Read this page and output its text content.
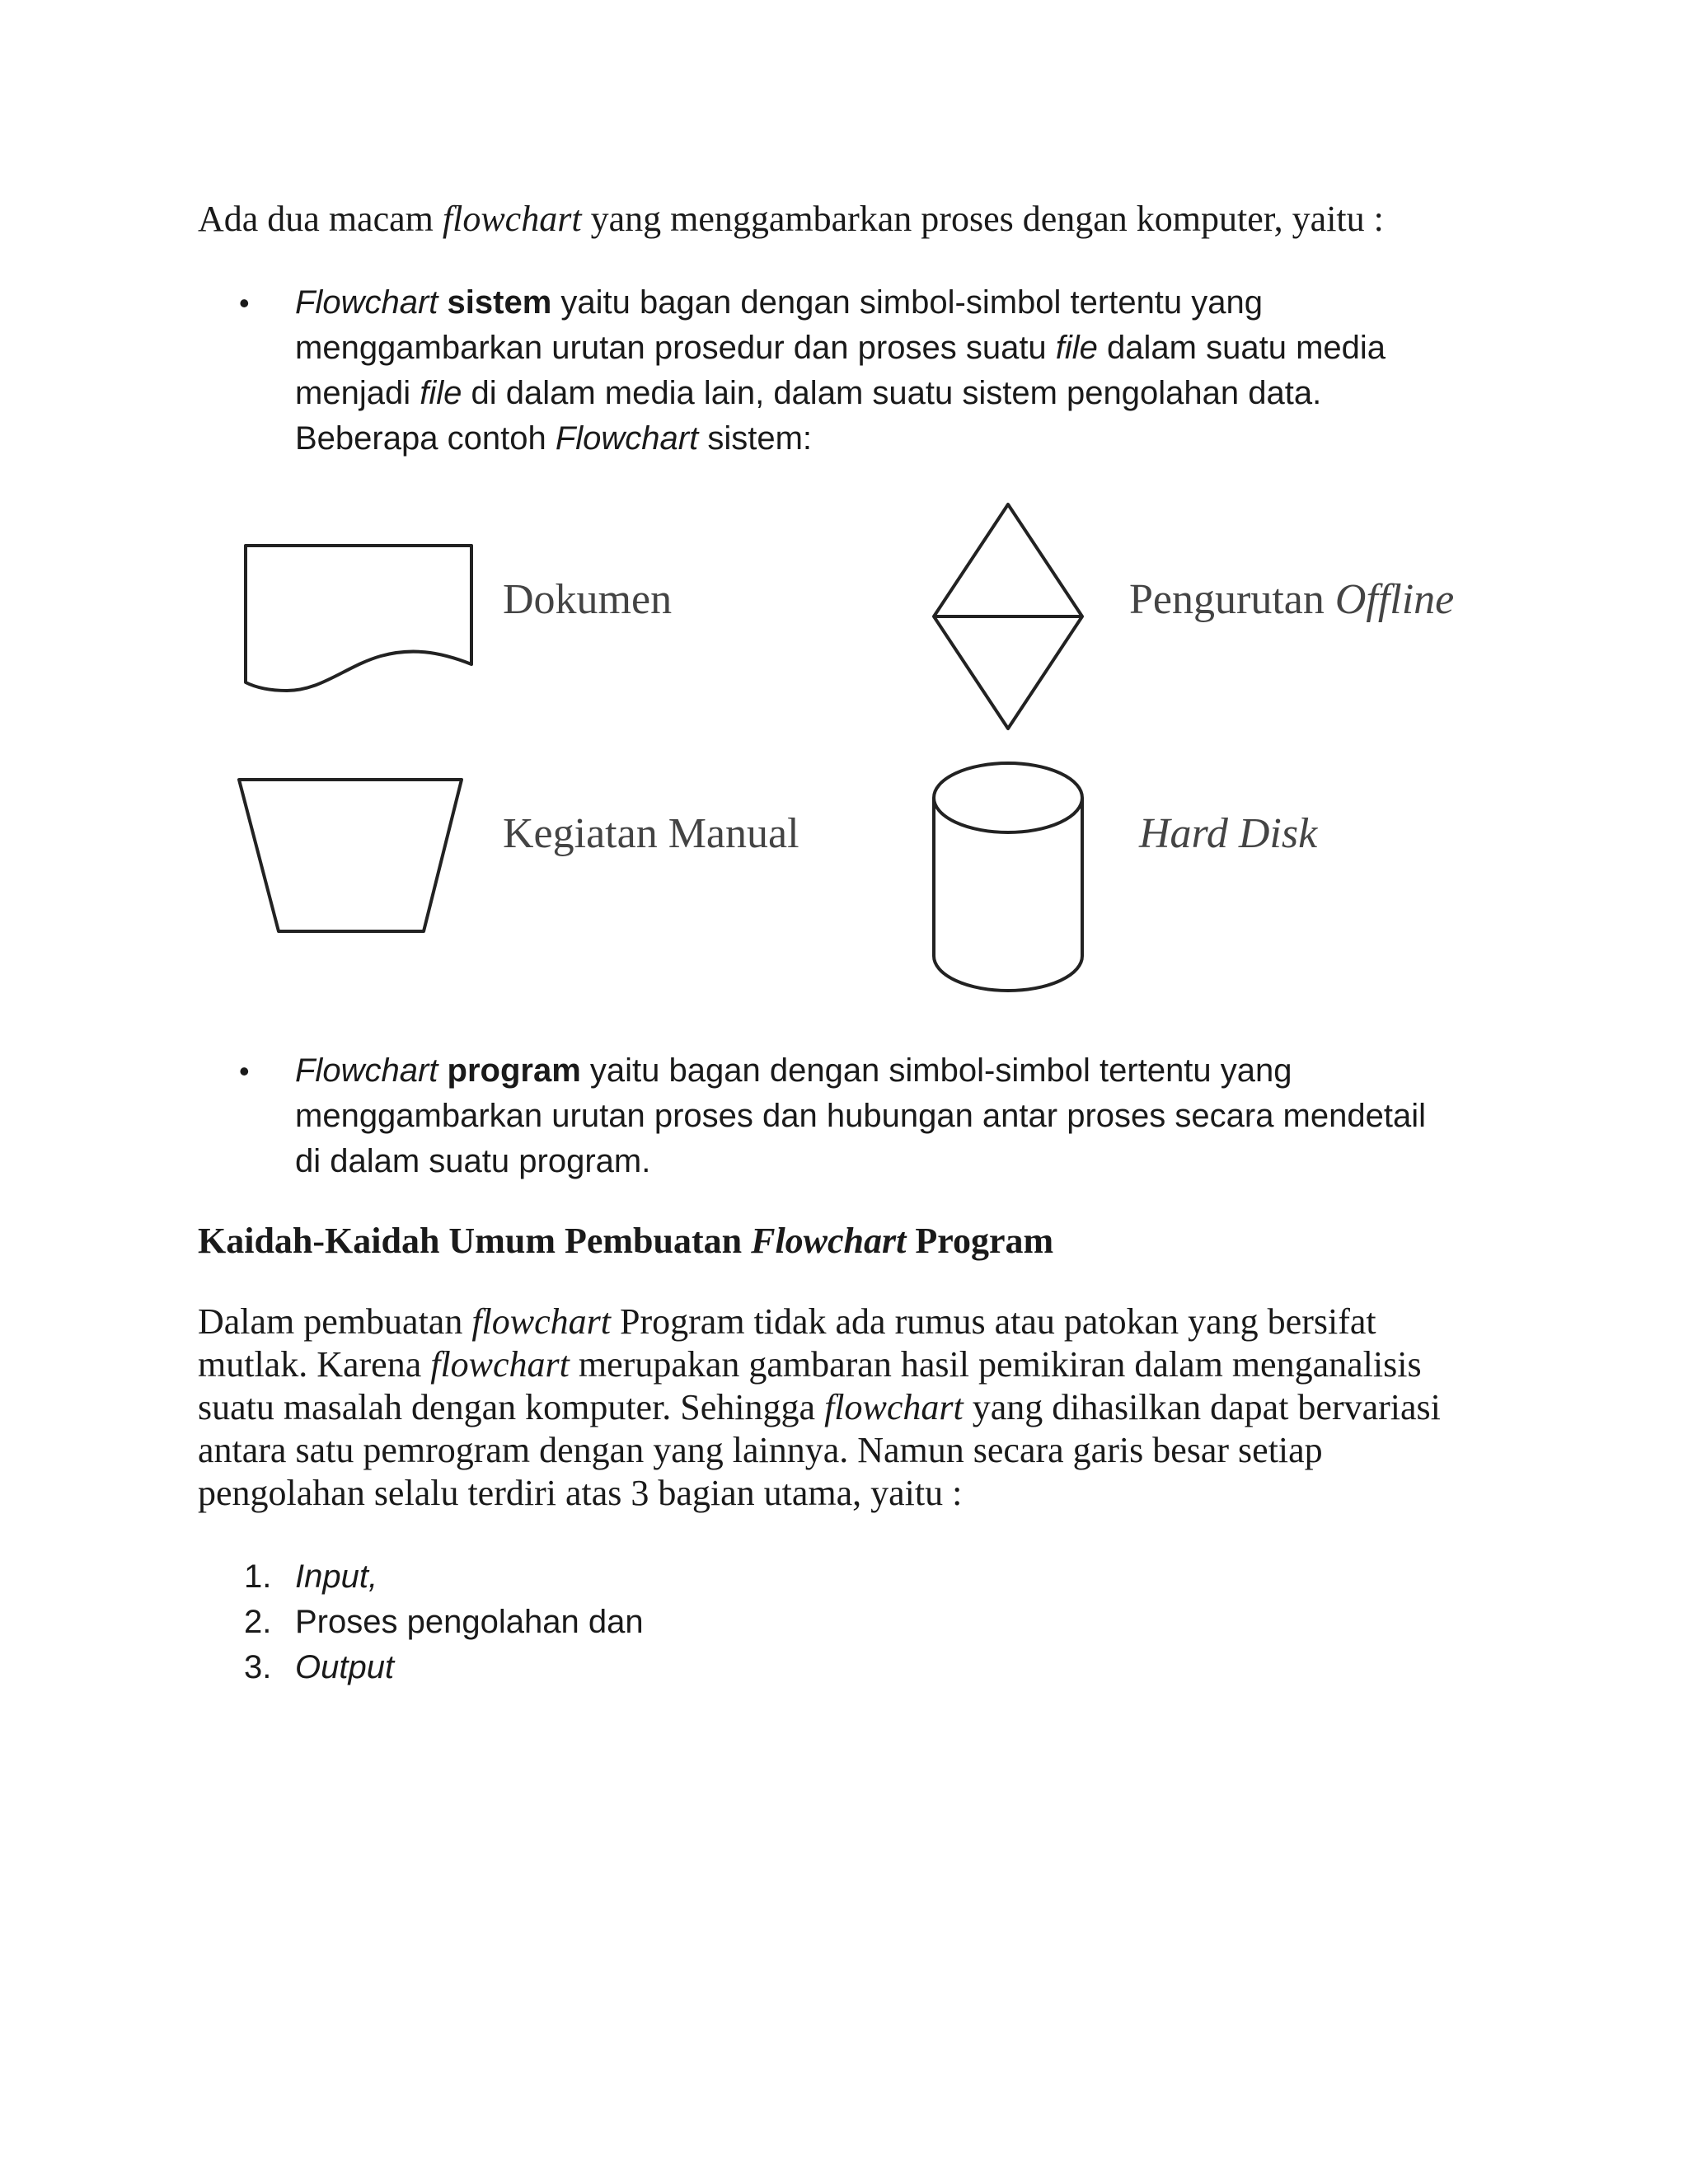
Ada dua macam flowchart yang menggambarkan proses dengan komputer, yaitu :

• Flowchart sistem yaitu bagan dengan simbol-simbol tertentu yang
menggambarkan urutan prosedur dan proses suatu file dalam suatu media
menjadi file di dalam media lain, dalam suatu sistem pengolahan data.
Beberapa contoh Flowchart sistem:
Dokumen	Pengurutan Offline
Kegiatan Manual	Hard Disk
• Flowchart program yaitu bagan dengan simbol-simbol tertentu yang
menggambarkan urutan proses dan hubungan antar proses secara mendetail
di dalam suatu program.
Kaidah-Kaidah Umum Pembuatan Flowchart Program

Dalam pembuatan flowchart Program tidak ada rumus atau patokan yang bersifat
mutlak. Karena flowchart merupakan gambaran hasil pemikiran dalam menganalisis
suatu masalah dengan komputer. Sehingga flowchart yang dihasilkan dapat bervariasi
antara satu pemrogram dengan yang lainnya. Namun secara garis besar setiap
pengolahan selalu terdiri atas 3 bagian utama, yaitu :

1. Input,
2. Proses pengolahan dan
3. Output
